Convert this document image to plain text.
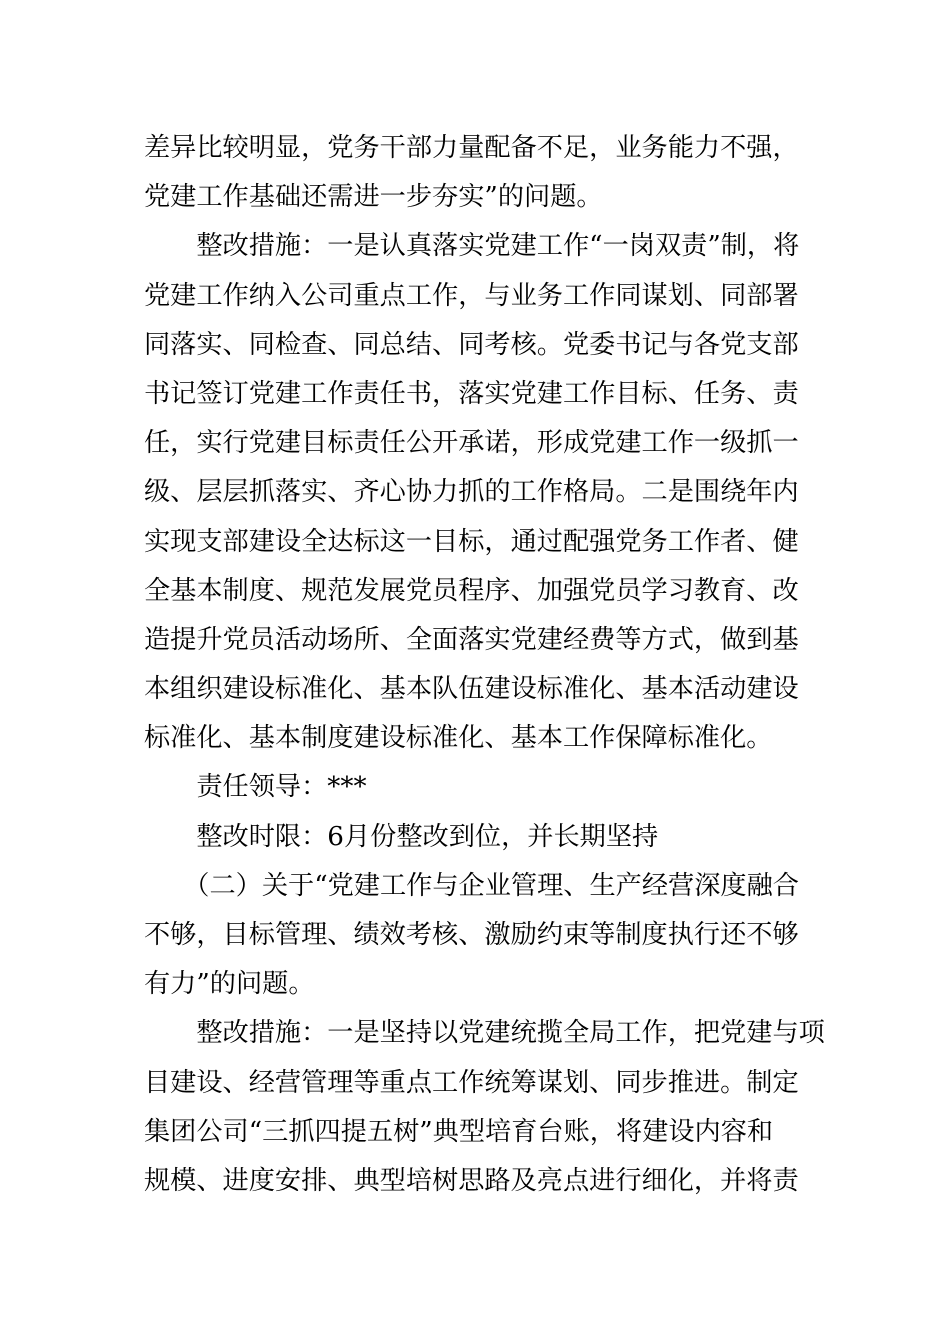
差异比较明显，党务干部力量配备不足，业务能力不强，
党建工作基础还需进一步夯实”的问题。
　　整改措施：一是认真落实党建工作“一岗双责”制，将
党建工作纳入公司重点工作，与业务工作同谋划、同部署
同落实、同检查、同总结、同考核。党委书记与各党支部
书记签订党建工作责任书，落实党建工作目标、任务、责
任，实行党建目标责任公开承诺，形成党建工作一级抓一
级、层层抓落实、齐心协力抓的工作格局。二是围绕年内
实现支部建设全达标这一目标，通过配强党务工作者、健
全基本制度、规范发展党员程序、加强党员学习教育、改
造提升党员活动场所、全面落实党建经费等方式，做到基
本组织建设标准化、基本队伍建设标准化、基本活动建设
标准化、基本制度建设标准化、基本工作保障标准化。
　　责任领导：***
　　整改时限：6月份整改到位，并长期坚持
　　（二）关于“党建工作与企业管理、生产经营深度融合
不够，目标管理、绩效考核、激励约束等制度执行还不够
有力”的问题。
　　整改措施：一是坚持以党建统揽全局工作，把党建与项
目建设、经营管理等重点工作统筹谋划、同步推进。制定
集团公司“三抓四提五树”典型培育台账，将建设内容和
规模、进度安排、典型培树思路及亮点进行细化，并将责
